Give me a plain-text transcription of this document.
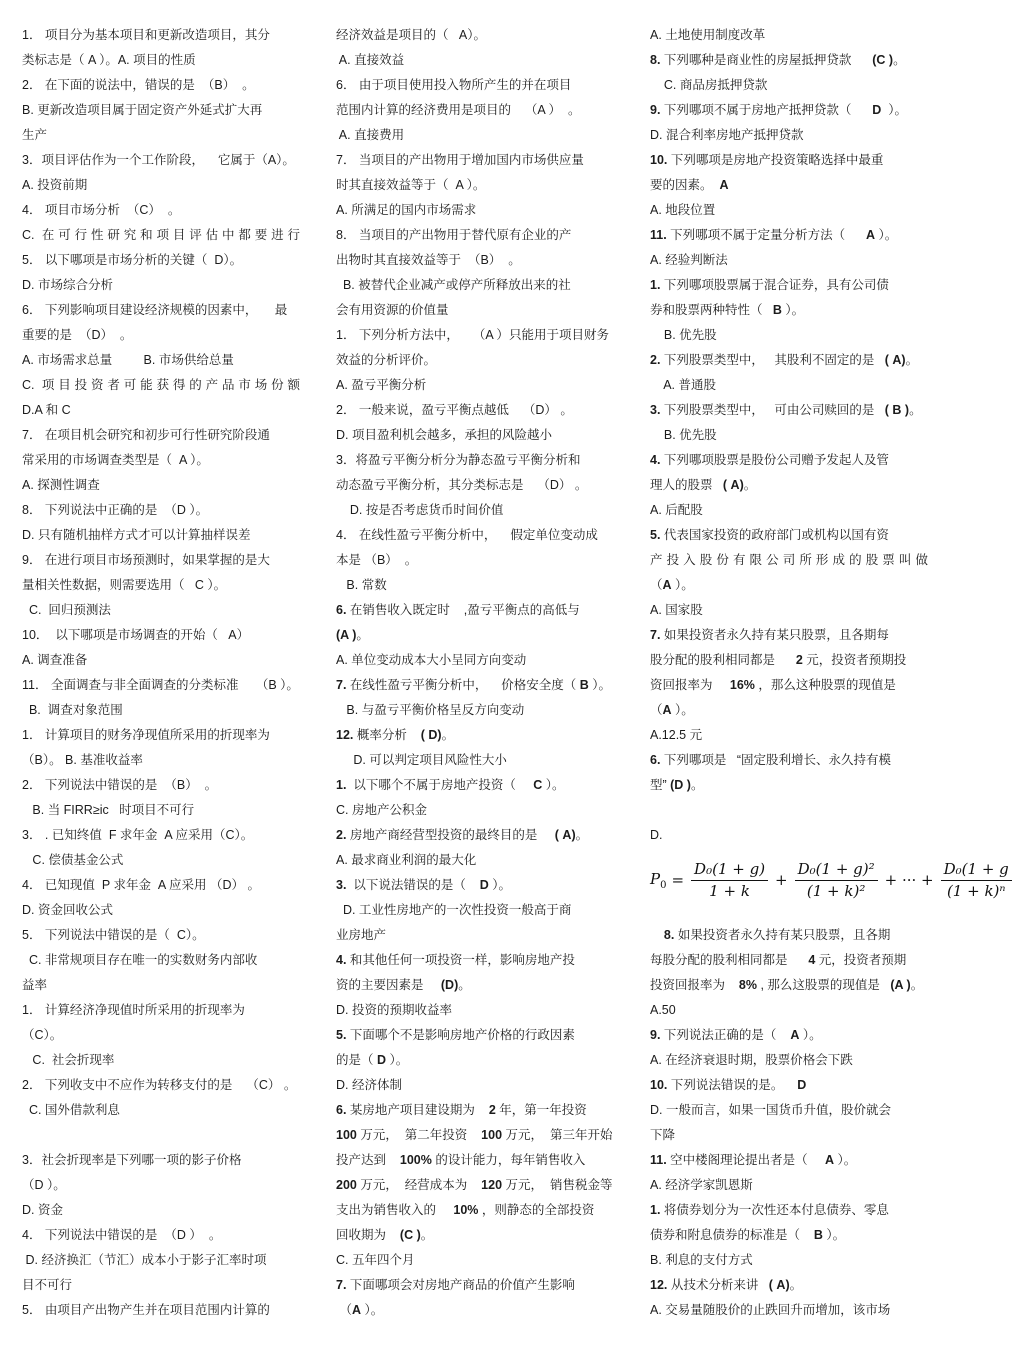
1． 项目分为基本项目和更新改造项目，其分
类标志是（ A ）。A. 项目的性质
2． 在下面的说法中，错误的是  （B）  。
B. 更新改造项目属于固定资产外延式扩大再
生产
3．项目评估作为一个工作阶段，    它属于（A）。
A. 投资前期
4． 项目市场分析  （C）  。
C. 在可行性研究和项目评估中都要进行
5． 以下哪项是市场分析的关键（  D）。
D. 市场综合分析
6． 下列影响项目建设经济规模的因素中，     最
重要的是  （D）  。
A. 市场需求总量         B. 市场供给总量
C. 项目投资者可能获得的产品市场份额
D.A 和 C
7． 在项目机会研究和初步可行性研究阶段通
常采用的市场调查类型是（  A ）。
A. 探测性调查
8． 下列说法中正确的是  （D ）。
D. 只有随机抽样方式才可以计算抽样误差
9． 在进行项目市场预测时，如果掌握的是大
量相关性数据，则需要选用（   C ）。
C.  回归预测法
10．  以下哪项是市场调查的开始（   A）
A. 调查准备
11． 全面调查与非全面调查的分类标准     （B ）。
B.  调查对象范围
1． 计算项目的财务净现值所采用的折现率为
（B）。 B. 基准收益率
2． 下列说法中错误的是  （B）  。
B. 当 FIRR≥ic   时项目不可行
3． . 已知终值  F 求年金  A 应采用（C）。
C. 偿债基金公式
4． 已知现值  P 求年金  A 应采用 （D） 。
D. 资金回收公式
5． 下列说法中错误的是（  C）。
C. 非常规项目存在唯一的实数财务内部收
益率
1． 计算经济净现值时所采用的折现率为
（C）。
C.  社会折现率
2． 下列收支中不应作为转移支付的是    （C） 。
C. 国外借款利息
3．社会折现率是下列哪一项的影子价格
（D ）。
D. 资金
4． 下列说法中错误的是  （D ）  。
D. 经济换汇（节汇）成本小于影子汇率时项
目不可行
5． 由项目产出物产生并在项目范围内计算的
经济效益是项目的（   A）。
A. 直接效益
6． 由于项目使用投入物所产生的并在项目
范围内计算的经济费用是项目的    （A ）  。
A. 直接费用
7． 当项目的产出物用于增加国内市场供应量
时其直接效益等于（  A ）。
A. 所满足的国内市场需求
8． 当项目的产出物用于替代原有企业的产
出物时其直接效益等于  （B）  。
B. 被替代企业减产或停产所释放出来的社
会有用资源的价值量
1． 下列分析方法中，    （A ）只能用于项目财务
效益的分析评价。
A. 盈亏平衡分析
2． 一般来说，盈亏平衡点越低    （D） 。
D. 项目盈利机会越多，承担的风险越小
3．将盈亏平衡分析分为静态盈亏平衡分析和
动态盈亏平衡分析，其分类标志是    （D） 。
D. 按是否考虑货币时间价值
4． 在线性盈亏平衡分析中，    假定单位变动成
本是 （B）  。
B. 常数
6. 在销售收入既定时    ,盈亏平衡点的高低与
(A )。
A. 单位变动成本大小呈同方向变动
7. 在线性盈亏平衡分析中，    价格安全度（ B ）。
B. 与盈亏平衡价格呈反方向变动
12. 概率分析    ( D)。
D. 可以判定项目风险性大小
1.  以下哪个不属于房地产投资（     C ）。
C. 房地产公积金
2. 房地产商经营型投资的最终目的是     ( A)。
A. 最求商业利润的最大化
3.  以下说法错误的是（    D ）。
D. 工业性房地产的一次性投资一般高于商
业房地产
4. 和其他任何一项投资一样，影响房地产投
资的主要因素是     (D)。
D. 投资的预期收益率
5. 下面哪个不是影响房地产价格的行政因素
的是（ D ）。
D. 经济体制
6. 某房地产项目建设期为    2 年，第一年投资
100 万元，  第二年投资    100 万元，  第三年开始
投产达到    100% 的设计能力，每年销售收入
200 万元，  经营成本为    120 万元，  销售税金等
支出为销售收入的     10% ，则静态的全部投资
回收期为    (C )。
C. 五年四个月
7. 下面哪项会对房地产商品的价值产生影响
（A ）。
A. 土地使用制度改革
8. 下列哪种是商业性的房屋抵押贷款      (C )。
C. 商品房抵押贷款
9. 下列哪项不属于房地产抵押贷款（      D  ）。
D. 混合利率房地产抵押贷款
10. 下列哪项是房地产投资策略选择中最重
要的因素。  A
A. 地段位置
11. 下列哪项不属于定量分析方法（      A ）。
A. 经验判断法
1. 下列哪项股票属于混合证券，具有公司债
券和股票两种特性（   B ）。
B. 优先股
2. 下列股票类型中，   其股利不固定的是   ( A)。
A. 普通股
3. 下列股票类型中，   可由公司赎回的是   ( B )。
B. 优先股
4. 下列哪项股票是股份公司赠予发起人及管
理人的股票   ( A)。
A. 后配股
5. 代表国家投资的政府部门或机构以国有资
产投入股份有限公司所形成的股票叫做
（A ）。
A. 国家股
7. 如果投资者永久持有某只股票，且各期每
股分配的股利相同都是      2 元，投资者预期投
资回报率为     16% ，那么这种股票的现值是
（A ）。
A.12.5 元
6. 下列哪项是   “固定股利增长、永久持有模
型” (D )。
D.
8. 如果投资者永久持有某只股票，且各期
每股分配的股利相同都是      4 元，投资者预期
投资回报率为    8% , 那么这股票的现值是   (A )。
A.50
9. 下列说法正确的是（    A ）。
A. 在经济衰退时期，股票价格会下跌
10. 下列说法错误的是。    D
D. 一般而言，如果一国货币升值，股价就会
下降
11. 空中楼阁理论提出者是（     A ）。
A. 经济学家凯恩斯
1. 将债券划分为一次性还本付息债券、零息
债券和附息债券的标准是（    B ）。
B. 利息的支付方式
12. 从技术分析来讲   ( A)。
A. 交易量随股价的止跌回升而增加，该市场
$P_0 = \frac{\text{D₀(1 + g)}}{1 + k} + \frac{\text{D₀(1 + g)²}}{\text{(1 + k)²}}$ + ··· + $\frac{\text{D₀(1 + g}}{\text{(1 + k)ⁿ}}$
